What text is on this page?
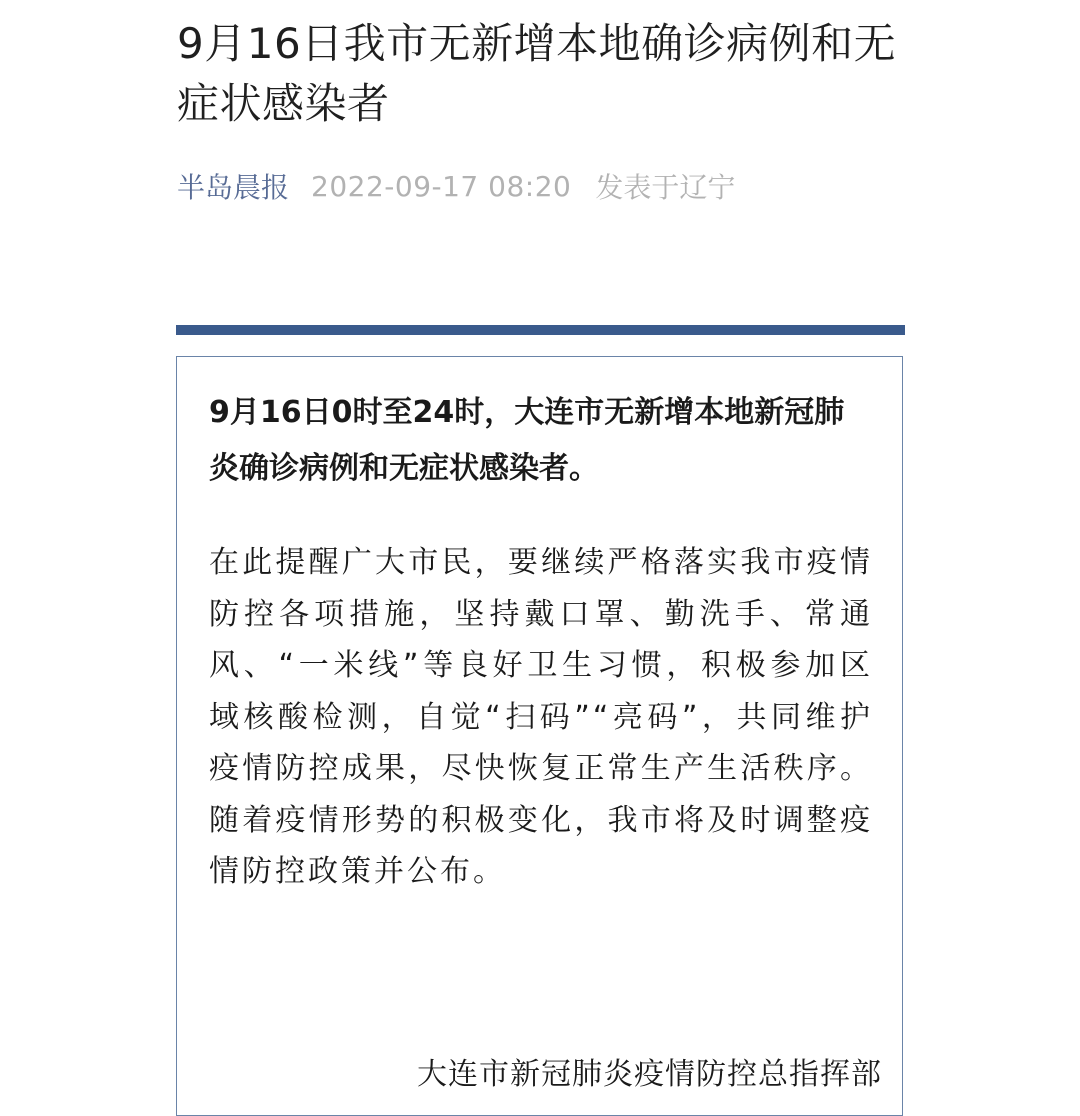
9月16日我市无新增本地确诊病例和无症状感染者
半岛晨报 2022-09-17 08:20 发表于辽宁

9月16日0时至24时，大连市无新增本地新冠肺炎确诊病例和无症状感染者。

在此提醒广大市民，要继续严格落实我市疫情防控各项措施，坚持戴口罩、勤洗手、常通风、“一米线”等良好卫生习惯，积极参加区域核酸检测，自觉“扫码”“亮码”，共同维护疫情防控成果，尽快恢复正常生产生活秩序。随着疫情形势的积极变化，我市将及时调整疫情防控政策并公布。

大连市新冠肺炎疫情防控总指挥部
